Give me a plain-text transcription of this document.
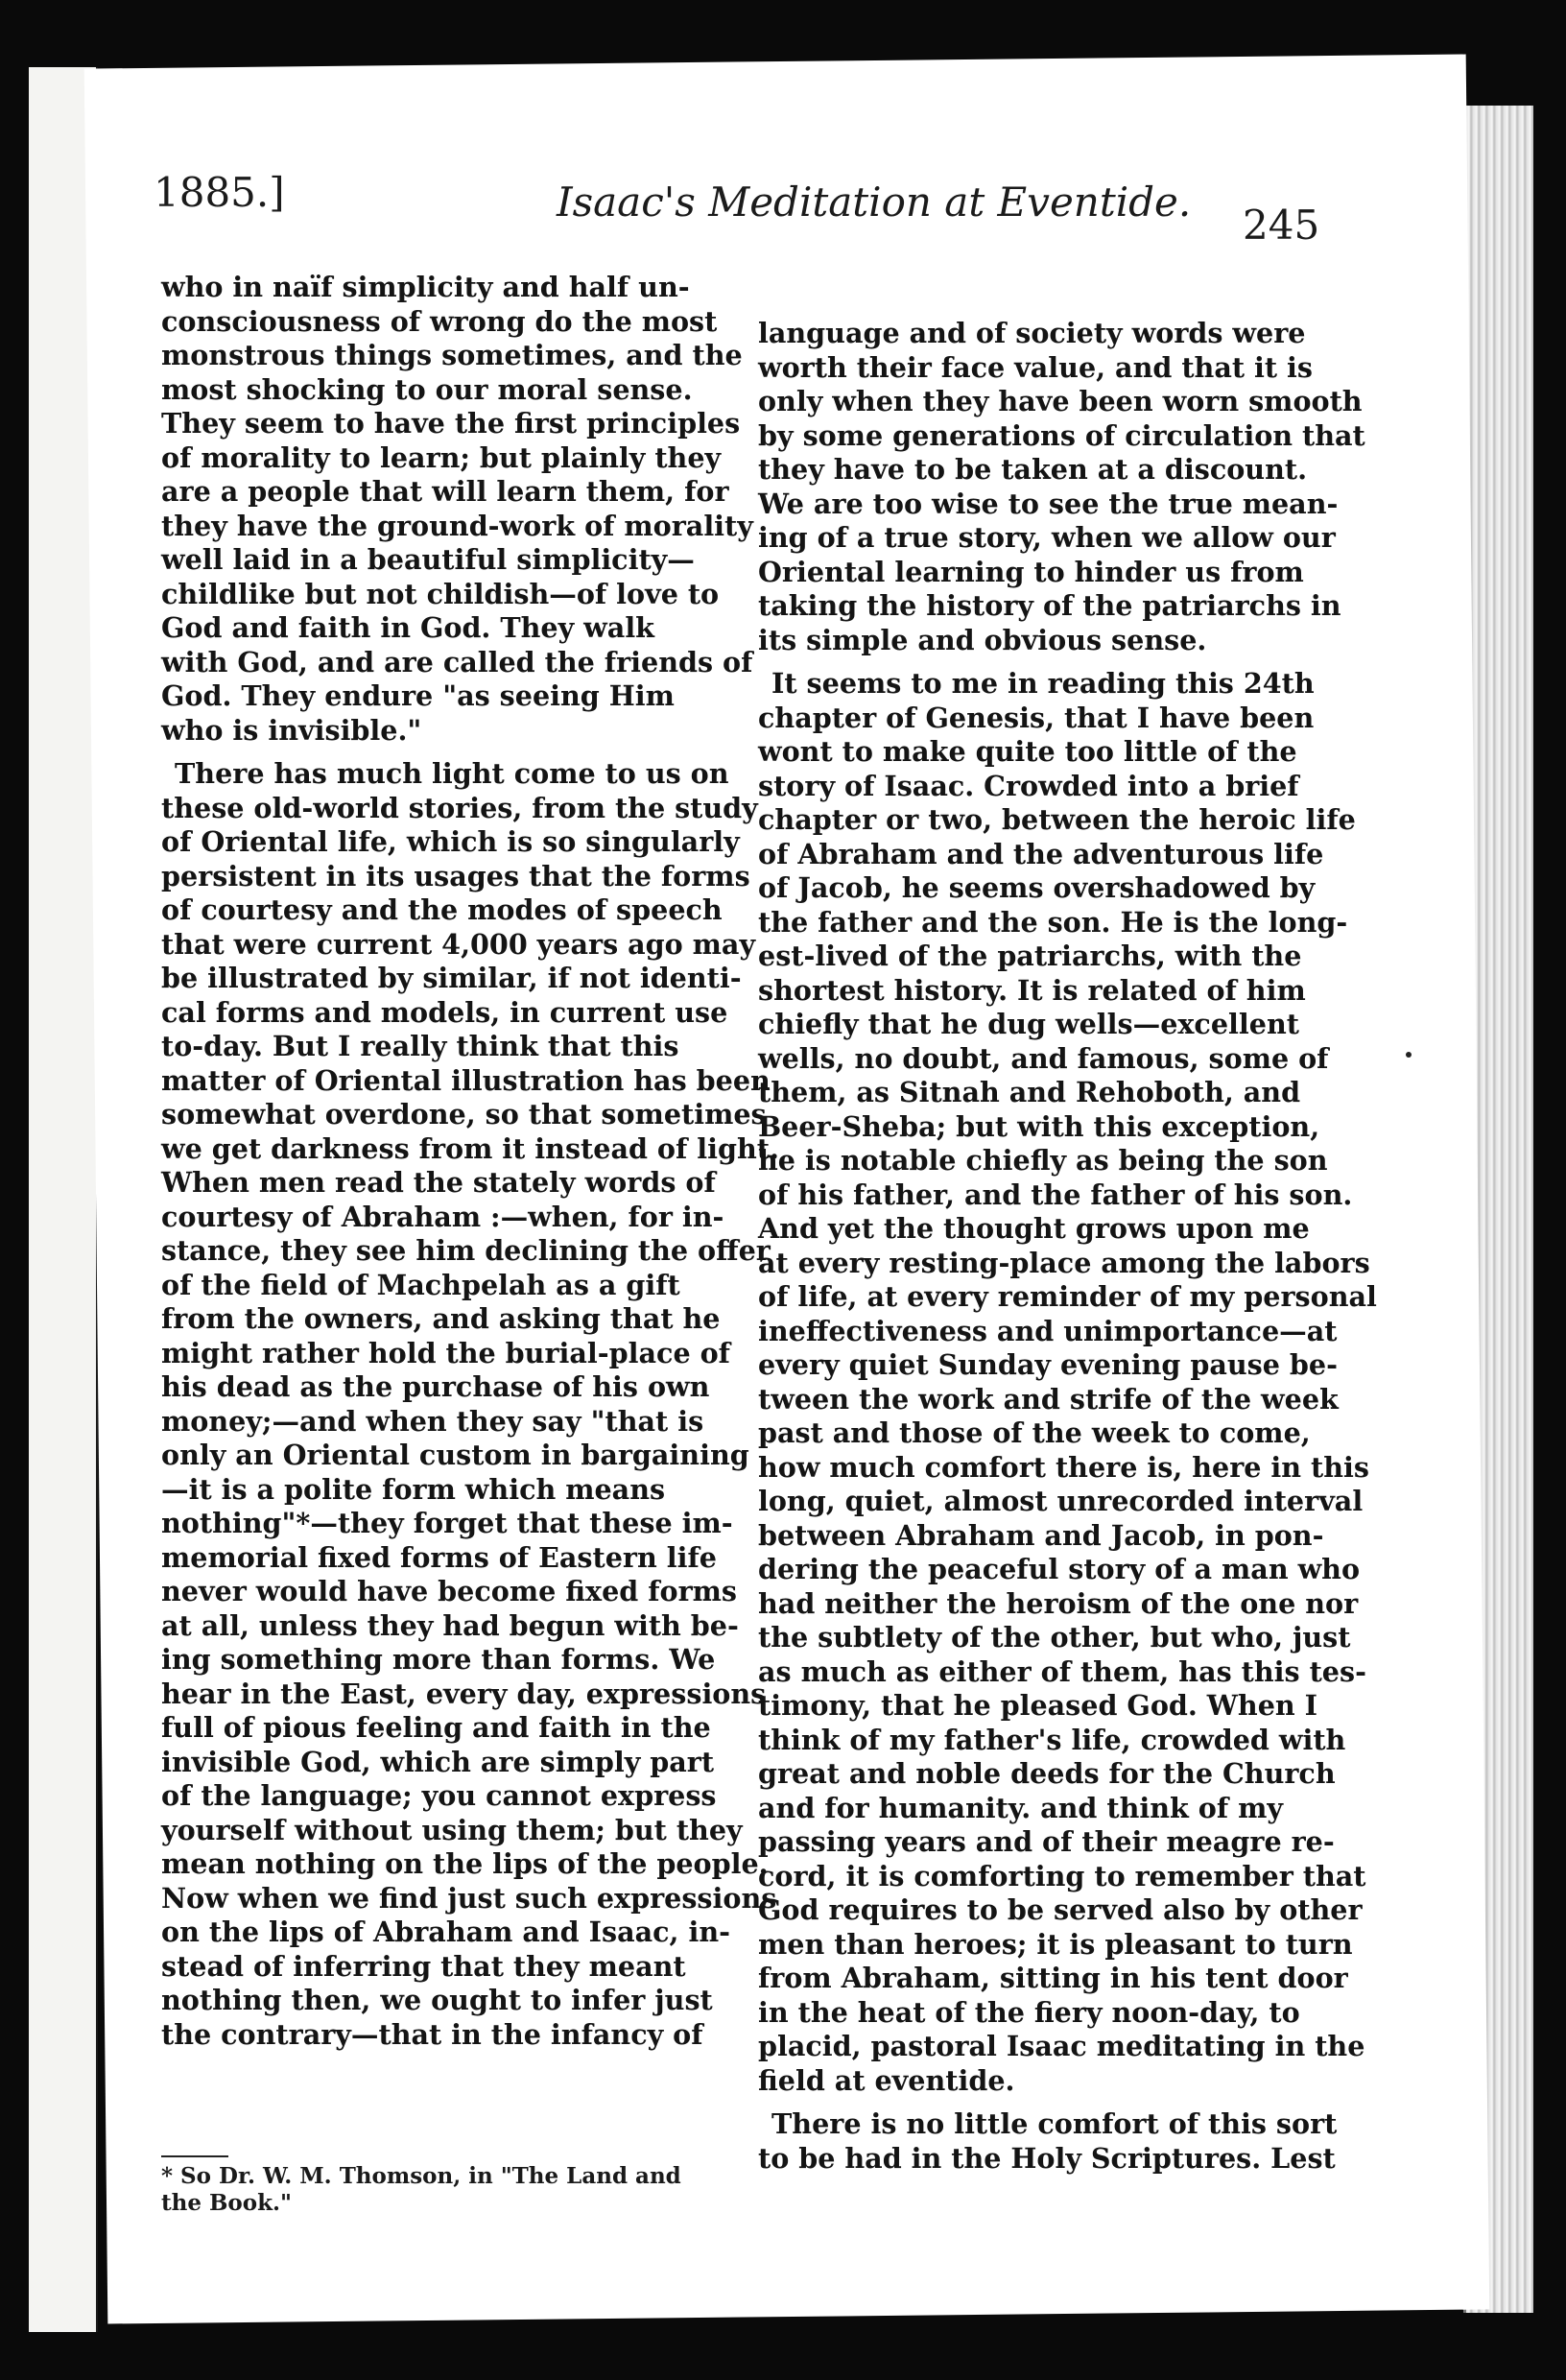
1885.]	Isaac's Meditation at Eventide. 245

who in naïf simplicity and half un-
consciousness of wrong do the most
monstrous things sometimes, and the
most shocking to our moral sense.
They seem to have the first principles
of morality to learn; but plainly they
are a people that will learn them, for
they have the ground-work of morality
well laid in a beautiful simplicity—
childlike but not childish—of love to
God and faith in God. They walk
with God, and are called the friends of
God. They endure "as seeing Him
who is invisible."

There has much light come to us on
these old-world stories, from the study
of Oriental life, which is so singularly
persistent in its usages that the forms
of courtesy and the modes of speech
that were current 4,000 years ago may
be illustrated by similar, if not identi-
cal forms and models, in current use
to-day. But I really think that this
matter of Oriental illustration has been
somewhat overdone, so that sometimes
we get darkness from it instead of light.
When men read the stately words of
courtesy of Abraham :—when, for in-
stance, they see him declining the offer
of the field of Machpelah as a gift
from the owners, and asking that he
might rather hold the burial-place of
his dead as the purchase of his own
money;—and when they say "that is
only an Oriental custom in bargaining
—it is a polite form which means
nothing"*—they forget that these im-
memorial fixed forms of Eastern life
never would have become fixed forms
at all, unless they had begun with be-
ing something more than forms. We
hear in the East, every day, expressions
full of pious feeling and faith in the
invisible God, which are simply part
of the language; you cannot express
yourself without using them; but they
mean nothing on the lips of the people.
Now when we find just such expressions
on the lips of Abraham and Isaac, in-
stead of inferring that they meant
nothing then, we ought to infer just
the contrary—that in the infancy of

* So Dr. W. M. Thomson, in "The Land and
the Book."

language and of society words were
worth their face value, and that it is
only when they have been worn smooth
by some generations of circulation that
they have to be taken at a discount.
We are too wise to see the true mean-
ing of a true story, when we allow our
Oriental learning to hinder us from
taking the history of the patriarchs in
its simple and obvious sense.

It seems to me in reading this 24th
chapter of Genesis, that I have been
wont to make quite too little of the
story of Isaac. Crowded into a brief
chapter or two, between the heroic life
of Abraham and the adventurous life
of Jacob, he seems overshadowed by
the father and the son. He is the long-
est-lived of the patriarchs, with the
shortest history. It is related of him
chiefly that he dug wells—excellent
wells, no doubt, and famous, some of
them, as Sitnah and Rehoboth, and
Beer-Sheba; but with this exception,
he is notable chiefly as being the son
of his father, and the father of his son.
And yet the thought grows upon me
at every resting-place among the labors
of life, at every reminder of my personal
ineffectiveness and unimportance—at
every quiet Sunday evening pause be-
tween the work and strife of the week
past and those of the week to come,
how much comfort there is, here in this
long, quiet, almost unrecorded interval
between Abraham and Jacob, in pon-
dering the peaceful story of a man who
had neither the heroism of the one nor
the subtlety of the other, but who, just
as much as either of them, has this tes-
timony, that he pleased God. When I
think of my father's life, crowded with
great and noble deeds for the Church
and for humanity. and think of my
passing years and of their meagre re-
cord, it is comforting to remember that
God requires to be served also by other
men than heroes; it is pleasant to turn
from Abraham, sitting in his tent door
in the heat of the fiery noon-day, to
placid, pastoral Isaac meditating in the
field at eventide.

There is no little comfort of this sort
to be had in the Holy Scriptures. Lest
